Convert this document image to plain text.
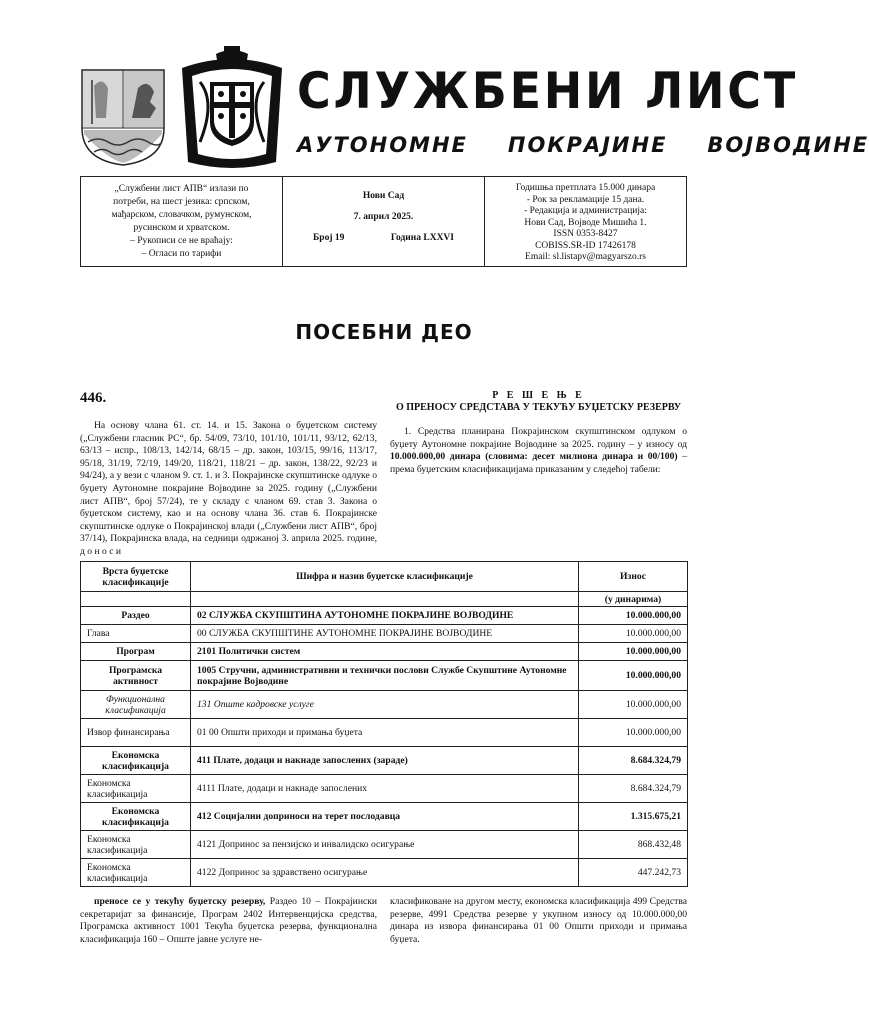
СЛУЖБЕНИ ЛИСТ
АУТОНОМНЕ ПОКРАЈИНЕ ВОЈВОДИНЕ
„Службени лист АПВ“ излази по
потреби, на шест језика: српском,
мађарском, словачком, румунском,
русинском и хрватском.
– Рукописи се не враћају:
– Огласи по тарифи
Нови Сад
7. април 2025.
Број 19	Година LXXVI
Годишња претплата 15.000 динара
- Рок за рекламације 15 дана.
- Редакција и администрација:
Нови Сад, Војводе Мишића 1.
ISSN 0353-8427
COBISS.SR-ID 17426178
Email: sl.listapv@magyarszo.rs
ПОСЕБНИ ДЕО
446.
На основу члана 61. ст. 14. и 15. Закона о буџетском систему („Службени гласник РС“, бр. 54/09, 73/10, 101/10, 101/11, 93/12, 62/13, 63/13 – испр., 108/13, 142/14, 68/15 – др. закон, 103/15, 99/16, 113/17, 95/18, 31/19, 72/19, 149/20, 118/21, 118/21 – др. закон, 138/22, 92/23 и 94/24), а у вези с чланом 9. ст. 1. и 3. Покрајинске скупштинске одлуке о буџету Аутономне покрајине Војводине за 2025. годину („Службени лист АПВ“, број 57/24), те у складу с чланом 69. став 3. Закона о буџетском систему, као и на основу члана 36. став 6. Покрајинске скупштинске одлуке о Покрајинској влади („Службени лист АПВ“, број 37/14), Покрајинска влада, на седници одржаној 3. априла 2025. године, д о н о с и
Р Е Ш Е Њ Е
О ПРЕНОСУ СРЕДСТАВА У ТЕКУЋУ БУЏЕТСКУ РЕЗЕРВУ
1. Средства планирана Покрајинском скупштинском одлуком о буџету Аутономне покрајине Војводине за 2025. годину – у износу од 10.000.000,00 динара (словима: десет милиона динара и 00/100) – према буџетским класификацијама приказаним у следећој табели:
Врста буџетске класификације	Шифра и назив буџетске класификације	Износ
		(у динарима)
Раздео	02 СЛУЖБА СКУПШТИНА АУТОНОМНЕ ПОКРАЈИНЕ ВОЈВОДИНЕ	10.000.000,00
Глава	00 СЛУЖБА СКУПШТИНЕ АУТОНОМНЕ ПОКРАЈИНЕ ВОЈВОДИНЕ	10.000.000,00
Програм	2101 Политички систем	10.000.000,00
Програмска активност	1005 Стручни, административни и технички послови Службе Скупштине Аутономне покрајине Војводине	10.000.000,00
Функционална класификација	131 Опште кадровске услуге	10.000.000,00
Извор финансирања	01 00 Општи приходи и примања буџета	10.000.000,00
Економска класификација	411 Плате, додаци и накнаде запослених (зараде)	8.684.324,79
Економска класификација	4111 Плате, додаци и накнаде запослених	8.684.324,79
Економска класификација	412 Социјални доприноси на терет послодавца	1.315.675,21
Економска класификација	4121 Допринос за пензијско и инвалидско осигурање	868.432,48
Економска класификација	4122 Допринос за здравствено осигурање	447.242,73
преносе се у текућу буџетску резерву, Раздео 10 – Покрајински секретаријат за финансије, Програм 2402 Интервенцијска средства, Програмска активност 1001 Текућа буџетска резерва, функционална класификација 160 – Опште јавне услуге не-
класификоване на другом месту, економска класификација 499 Средства резерве, 4991 Средства резерве у укупном износу од 10.000.000,00 динара из извора финансирања 01 00 Општи приходи и примања буџета.
